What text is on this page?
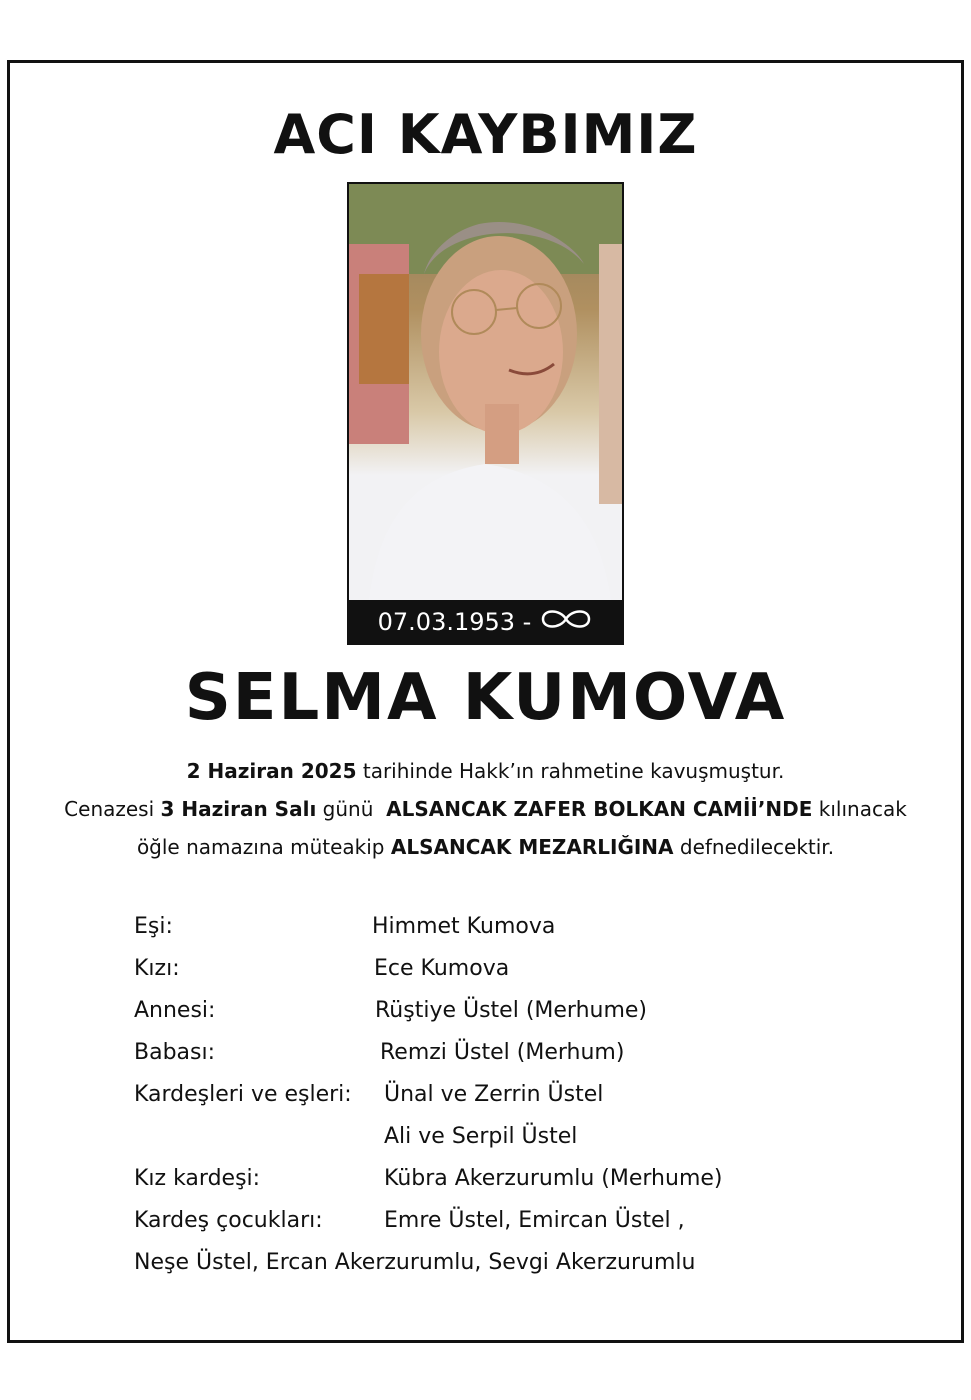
ACI KAYBIMIZ
07.03.1953 -
SELMA KUMOVA
2 Haziran 2025 tarihinde Hakk’ın rahmetine kavuşmuştur.
Cenazesi 3 Haziran Salı günü  ALSANCAK ZAFER BOLKAN CAMİİ’NDE kılınacak
öğle namazına müteakip ALSANCAK MEZARLIĞINA defnedilecektir.
Eşi:	Himmet Kumova
Kızı:	Ece Kumova
Annesi:	Rüştiye Üstel (Merhume)
Babası:	Remzi Üstel (Merhum)
Kardeşleri ve eşleri: Ünal ve Zerrin Üstel
Ali ve Serpil Üstel
Kız kardeşi:	Kübra Akerzurumlu (Merhume)
Kardeş çocukları:	Emre Üstel, Emircan Üstel ,
Neşe Üstel, Ercan Akerzurumlu, Sevgi Akerzurumlu
